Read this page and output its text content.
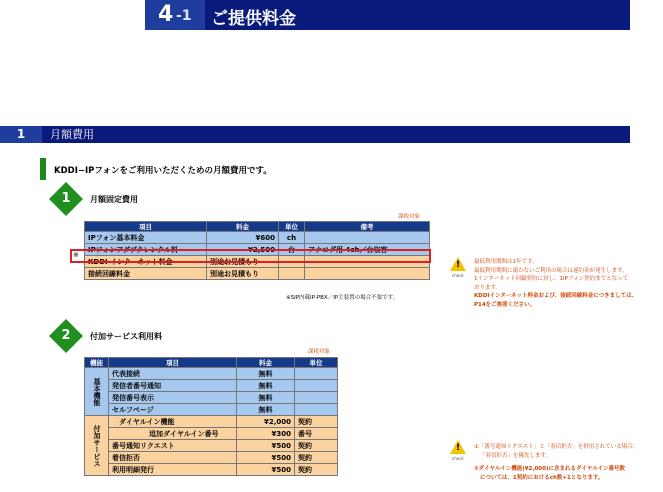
4 -1 ご提供料金
1	月額費用
KDDI−IPフォンをご利用いただくための月額費用です。
1	月額固定費用
課税対象
項目	料金	単位	備考
IPフォン基本料金	¥600	ch	
IPフォンアダプタレンタル料	¥2,500	台	アナログ用 4ch／台収容
KDDI インターネット料金	別途お見積もり		
接続回線料金	別途お見積もり		
※
※SIP内蔵IP-PBX／IP主装置の場合不要です。
!
check
最低利用期間は1年です。
最低利用期間に満たないご利用の場合は違約金が発生します。
1インターネット回線契約に対し、1IPフォン契約までとなって
おります。
KDDIインターネット料金および、接続回線料金につきましては、
P14をご参照ください。
2	付加サービス利用料
課税対象
機能	項目	料金	単位

基本機能	代表接続	無料	
	発信者番号通知	無料	
	発信番号表示	無料	
	セルフページ	無料	

付加サービス	ダイヤルイン機能	¥2,000	契約
	追加ダイヤルイン番号	¥300	番号
	番号通知リクエスト	¥500	契約
	着信拒否	¥500	契約
	利用明細発行	¥500	契約
!
check
①「番号通知リクエスト」と「着信拒否」を併用されている場合、
「着信拒否」を優先します。
②ダイヤルイン機能(¥2,000)に含まれるダイヤルイン番号数
については、1契約におけるch数+1となります。
